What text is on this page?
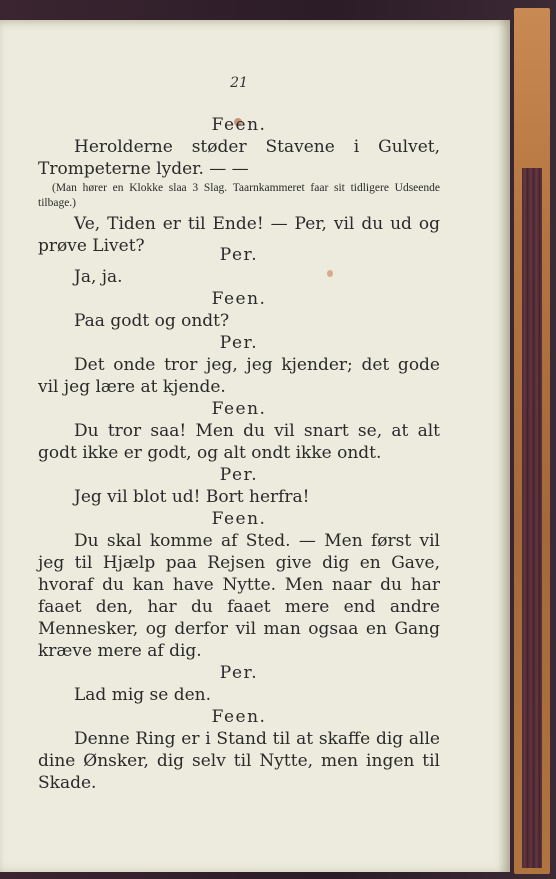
21

Feen.

Herolderne støder Stavene i Gulvet, Trompeterne lyder. — —

(Man hører en Klokke slaa 3 Slag. Taarnkammeret faar sit tidligere Udseende tilbage.)

Ve, Tiden er til Ende! — Per, vil du ud og prøve Livet?	Per.

Ja, ja.

Feen.

Paa godt og ondt?

Per.

Det onde tror jeg, jeg kjender; det gode vil jeg lære at kjende.

Feen.

Du tror saa! Men du vil snart se, at alt godt ikke er godt, og alt ondt ikke ondt.

Per.

Jeg vil blot ud! Bort herfra!

Feen.

Du skal komme af Sted. — Men først vil jeg til Hjælp paa Rejsen give dig en Gave, hvoraf du kan have Nytte. Men naar du har faaet den, har du faaet mere end andre Mennesker, og derfor vil man ogsaa en Gang kræve mere af dig.

Per.

Lad mig se den.

Feen.

Denne Ring er i Stand til at skaffe dig alle dine Ønsker, dig selv til Nytte, men ingen til Skade.
